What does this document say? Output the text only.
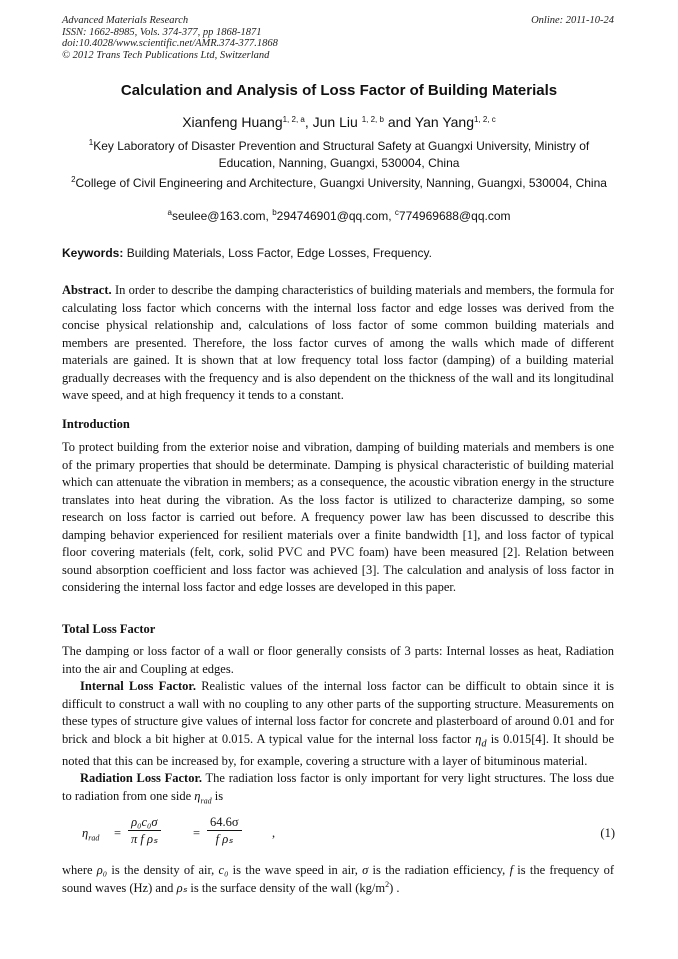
Advanced Materials Research
ISSN: 1662-8985, Vols. 374-377, pp 1868-1871
doi:10.4028/www.scientific.net/AMR.374-377.1868
© 2012 Trans Tech Publications Ltd, Switzerland
Online: 2011-10-24
Calculation and Analysis of Loss Factor of Building Materials
Xianfeng Huang$^{1, 2, a}$, Jun Liu $^{1, 2, b}$ and Yan Yang$^{1, 2, c}$
$^1$Key Laboratory of Disaster Prevention and Structural Safety at Guangxi University, Ministry of Education, Nanning, Guangxi, 530004, China
$^2$College of Civil Engineering and Architecture, Guangxi University, Nanning, Guangxi, 530004, China
$^a$seulee@163.com, $^b$294746901@qq.com, $^c$774969688@qq.com
Keywords: Building Materials, Loss Factor, Edge Losses, Frequency.
Abstract. In order to describe the damping characteristics of building materials and members, the formula for calculating loss factor which concerns with the internal loss factor and edge losses was derived from the concise physical relationship and, calculations of loss factor of some common building materials and members are presented. Therefore, the loss factor curves of among the walls which made of different materials are gained. It is shown that at low frequency total loss factor (damping) of a building material gradually decreases with the frequency and is also dependent on the thickness of the wall and its longitudinal wave speed, and at high frequency it tends to a constant.
Introduction
To protect building from the exterior noise and vibration, damping of building materials and members is one of the primary properties that should be determinate. Damping is physical characteristic of building material which can attenuate the vibration in members; as a consequence, the acoustic vibration energy in the structure translates into heat during the vibration. As the loss factor is utilized to characterize damping, so some research on loss factor is carried out before. A frequency power law has been discussed to describe this damping behavior experienced for resilient materials over a finite bandwidth [1], and loss factor of typical floor covering materials (felt, cork, solid PVC and PVC foam) have been measured [2]. Relation between sound absorption coefficient and loss factor was achieved [3]. The calculation and analysis of loss factor in considering the internal loss factor and edge losses are developed in this paper.
Total Loss Factor
The damping or loss factor of a wall or floor generally consists of 3 parts: Internal losses as heat, Radiation into the air and Coupling at edges.
Internal Loss Factor. Realistic values of the internal loss factor can be difficult to obtain since it is difficult to construct a wall with no coupling to any other parts of the supporting structure. Measurements on these types of structure give values of internal loss factor for concrete and plasterboard of around 0.01 and for brick and block a bit higher at 0.015. A typical value for the internal loss factor $\eta_d$ is 0.015[4]. It should be noted that this can be increased by, for example, covering a structure with a layer of bituminous material.
Radiation Loss Factor. The radiation loss factor is only important for very light structures. The loss due to radiation from one side $\eta_{rad}$ is
$\eta_{rad} = \frac{\text{ρ₀c₀σ}}{\text{π f ρₛ}}$	= $\frac{64.6\sigma}{\text{f ρₛ}}$ ,	(1)
where ρ₀ is the density of air, c₀ is the wave speed in air, σ is the radiation efficiency, f is the frequency of sound waves (Hz) and ρₛ is the surface density of the wall $(kg/m^2)$ .
